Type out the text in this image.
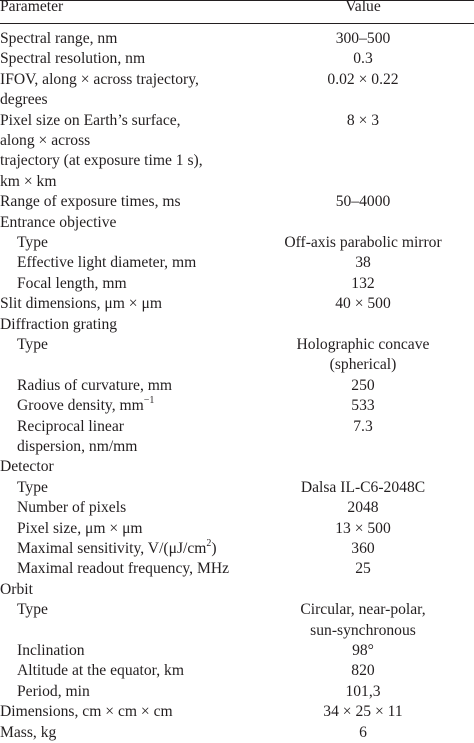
Parameter	Value
Spectral range, nm	300–500
Spectral resolution, nm	0.3
IFOV, along × across trajectory,	0.02 × 0.22
degrees
Pixel size on Earth’s surface,	8 × 3
along × across
trajectory (at exposure time 1 s),
km × km
Range of exposure times, ms	50–4000
Entrance objective
Type	Off-axis parabolic mirror
Effective light diameter, mm	38
Focal length, mm	132
Slit dimensions, μm × μm	40 × 500
Diffraction grating
Type	Holographic concave
(spherical)
Radius of curvature, mm	250
Groove density, $mm^{-1}$	533
Reciprocal linear	7.3
dispersion, nm/mm
Detector
Type	Dalsa IL-C6-2048C
Number of pixels	2048
Pixel size, μm × μm	13 × 500
Maximal sensitivity, $V/(\mu J/cm^2)$	360
Maximal readout frequency, MHz	25
Orbit
Type	Circular, near-polar,
sun-synchronous
Inclination	98°
Altitude at the equator, km	820
Period, min	101,3
Dimensions, cm × cm × cm	34 × 25 × 11
Mass, kg	6
